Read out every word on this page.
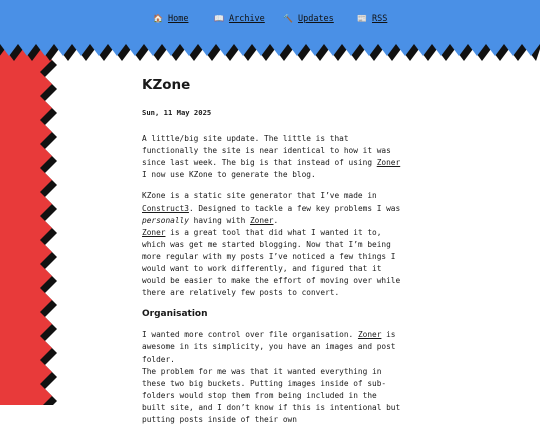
🏠 Home	📖 Archive 🔨 Updates	📰 RSS
KZone
Sun, 11 May 2025

A little/big site update. The little is that functionally the site is near identical to how it was since last week. The big is that instead of using Zoner I now use KZone to generate the blog.

KZone is a static site generator that I’ve made in Construct3. Designed to tackle a few key problems I was personally having with Zoner.
Zoner is a great tool that did what I wanted it to, which was get me started blogging. Now that I’m being more regular with my posts I’ve noticed a few things I would want to work differently, and figured that it would be easier to make the effort of moving over while there are relatively few posts to convert.

Organisation

I wanted more control over file organisation. Zoner is awesome in its simplicity, you have an images and post folder.
The problem for me was that it wanted everything in these two big buckets. Putting images inside of sub-folders would stop them from being included in the built site, and I don’t know if this is intentional but putting posts inside of their own
